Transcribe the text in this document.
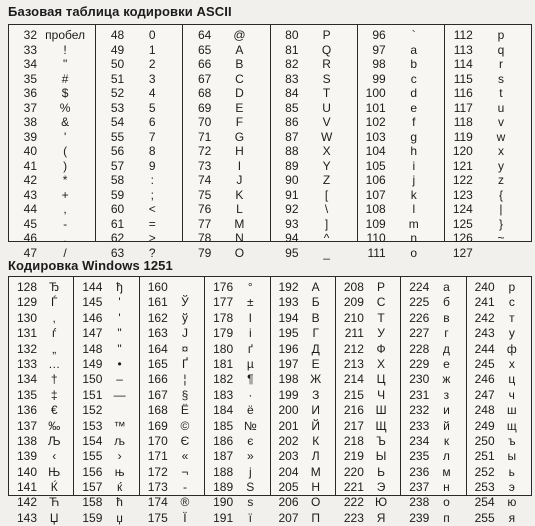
Базовая таблица кодировки ASCII
32 пробел
33	!
34	"
35	#
36	$
37	%
38	&
39	'
40	(
41	)
42	*
43	+
44	,
45	-
46	.
47	/
48	0
49	1
50	2
51	3
52	4
53	5
54	6
55	7
56	8
57	9
58	:
59	;
60	<
61	=
62	>
63	?
64	@
65	A
66	B
67	C
68	D
69	E
70	F
71	G
72	H
73	I
74	J
75	K
76	L
77	M
78	N
79	O
80	P
81	Q
82	R
83	S
84	T
85	U
86	V
87	W
88	X
89	Y
90	Z
91	[
92	\
93	]
94	^
95	_
96	`
97	a
98	b
99	c
100	d
101	e
102	f
103	g
104	h
105	i
106	j
107	k
108	l
109	m
110	n
111	o
112	p
113	q
114	r
115	s
116	t
117	u
118	v
119	w
120	x
121	y
122	z
123	{
124	|
125	}
126	~
127
Кодировка Windows 1251
128 Ђ
129	Ѓ
130	,
131	ѓ
132	„
133 …
134	†
135	‡
136	€
137 ‰
138 Љ
139	‹
140 Њ
141	Ќ
142	Ћ
143	Џ
144	ђ
145	'
146	'
147	"
148	"
149	•
150	–
151 —
152
153 ™
154 љ
155	›
156	њ
157	ќ
158	ћ
159	џ
160
161	Ў
162	ў
163	Ј
164	¤
165	Ґ
166	¦
167	§
168	Ё
169	©
170	Є
171	«
172	¬
173	-
174	®
175	Ї
176	°
177	±
178	І
179	і
180	ґ
181	µ
182	¶
183	·
184	ё
185 №
186	є
187	»
188	j
189	S
190	s
191	ї
192	А
193	Б
194	В
195	Г
196	Д
197	Е
198 Ж
199	З
200	И
201	Й
202	К
203	Л
204	М
205	Н
206	О
207	П
208	Р
209	С
210	Т
211	У
212	Ф
213	Х
214	Ц
215	Ч
216 Ш
217 Щ
218	Ъ
219 Ы
220	Ь
221	Э
222 Ю
223	Я
224	а
225	б
226	в
227	г
228	д
229	е
230	ж
231	з
232	и
233	й
234	к
235	л
236	м
237	н
238	о
239	п
240	р
241	с
242	т
243	у
244	ф
245	х
246	ц
247	ч
248	ш
249	щ
250	ъ
251	ы
252	ь
253	э
254	ю
255	я
